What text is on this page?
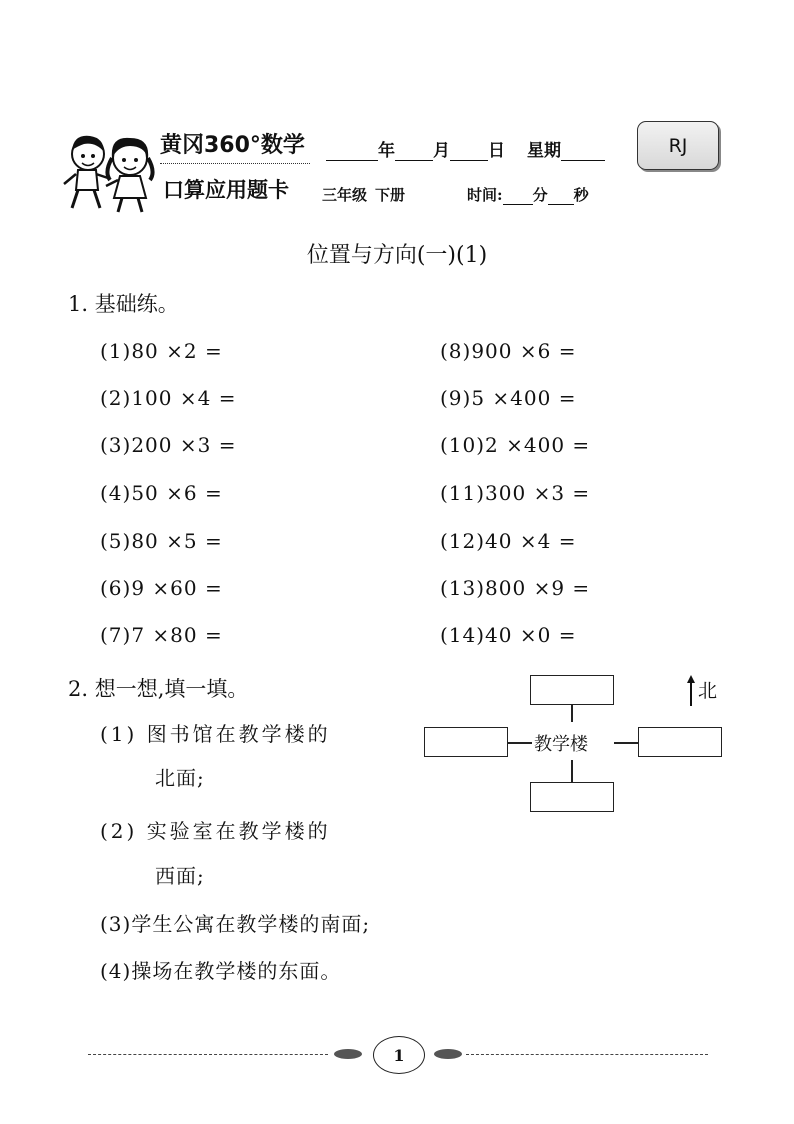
黄冈360°数学
口算应用题卡
年 月 日 星期
三年级 下册	时间: 分 秒
RJ
位置与方向(一)(1)
1. 基础练。
(1)80 ×2 =
(2)100 ×4 =
(3)200 ×3 =
(4)50 ×6 =
(5)80 ×5 =
(6)9 ×60 =
(7)7 ×80 =
(8)900 ×6 =
(9)5 ×400 =
(10)2 ×400 =
(11)300 ×3 =
(12)40 ×4 =
(13)800 ×9 =
(14)40 ×0 =
2. 想一想,填一填。
(1) 图书馆在教学楼的
北面;
(2) 实验室在教学楼的
西面;
(3)学生公寓在教学楼的南面;
(4)操场在教学楼的东面。
教学楼
北
1
